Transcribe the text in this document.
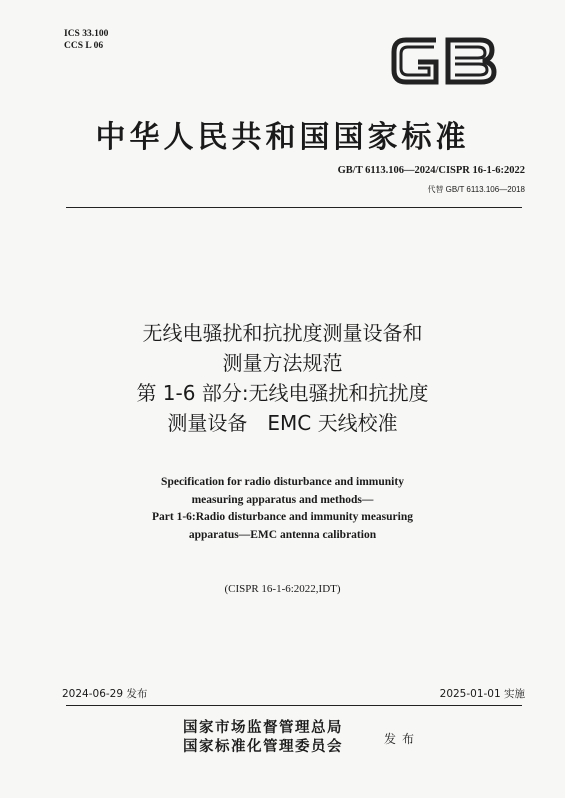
ICS 33.100
CCS L 06
中华人民共和国国家标准
GB/T 6113.106—2024/CISPR 16-1-6:2022
代替 GB/T 6113.106—2018
无线电骚扰和抗扰度测量设备和
测量方法规范
第 1-6 部分:无线电骚扰和抗扰度
测量设备　EMC 天线校准
Specification for radio disturbance and immunity
measuring apparatus and methods—
Part 1-6:Radio disturbance and immunity measuring
apparatus—EMC antenna calibration
(CISPR 16-1-6:2022,IDT)
2024-06-29 发布	2025-01-01 实施
国家市场监督管理总局
国家标准化管理委员会	发布
